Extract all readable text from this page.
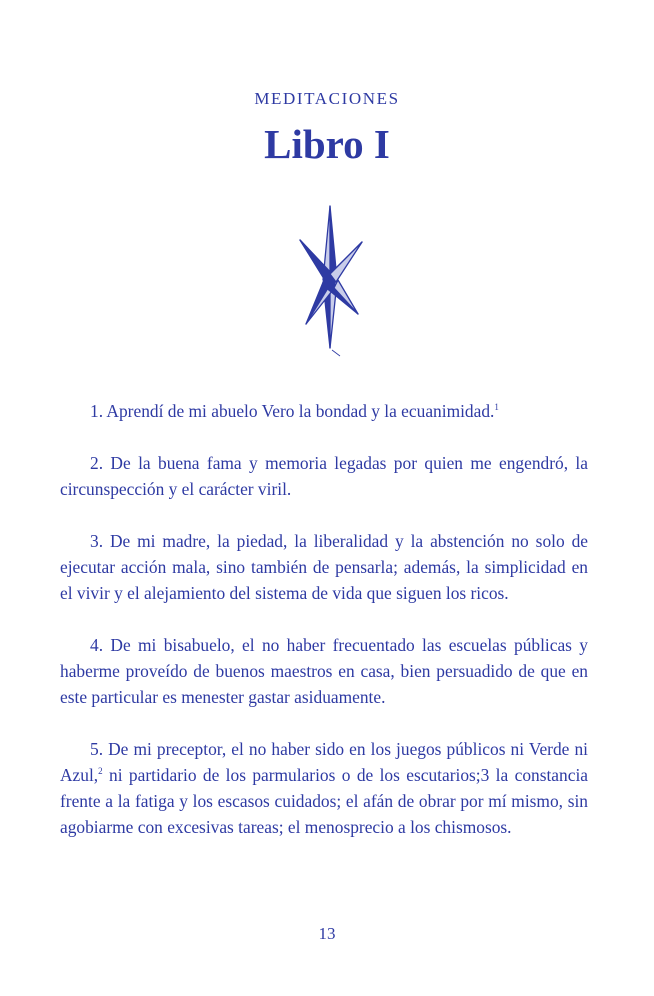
MEDITACIONES
Libro I

1. Aprendí de mi abuelo Vero la bondad y la ecuanimidad.$^1$

2. De la buena fama y memoria legadas por quien me engendró, la circunspección y el carácter viril.

3. De mi madre, la piedad, la liberalidad y la abstención no solo de ejecutar acción mala, sino también de pensarla; además, la simplicidad en el vivir y el alejamiento del sistema de vida que siguen los ricos.

4. De mi bisabuelo, el no haber frecuentado las escuelas públicas y haberme proveído de buenos maestros en casa, bien persuadido de que en este particular es menester gastar asiduamente.

5. De mi preceptor, el no haber sido en los juegos públicos ni Verde ni Azul,$^2$ ni partidario de los parmularios o de los escutarios;3 la constancia frente a la fatiga y los escasos cuidados; el afán de obrar por mí mismo, sin agobiarme con excesivas tareas; el menosprecio a los chismosos.

13
